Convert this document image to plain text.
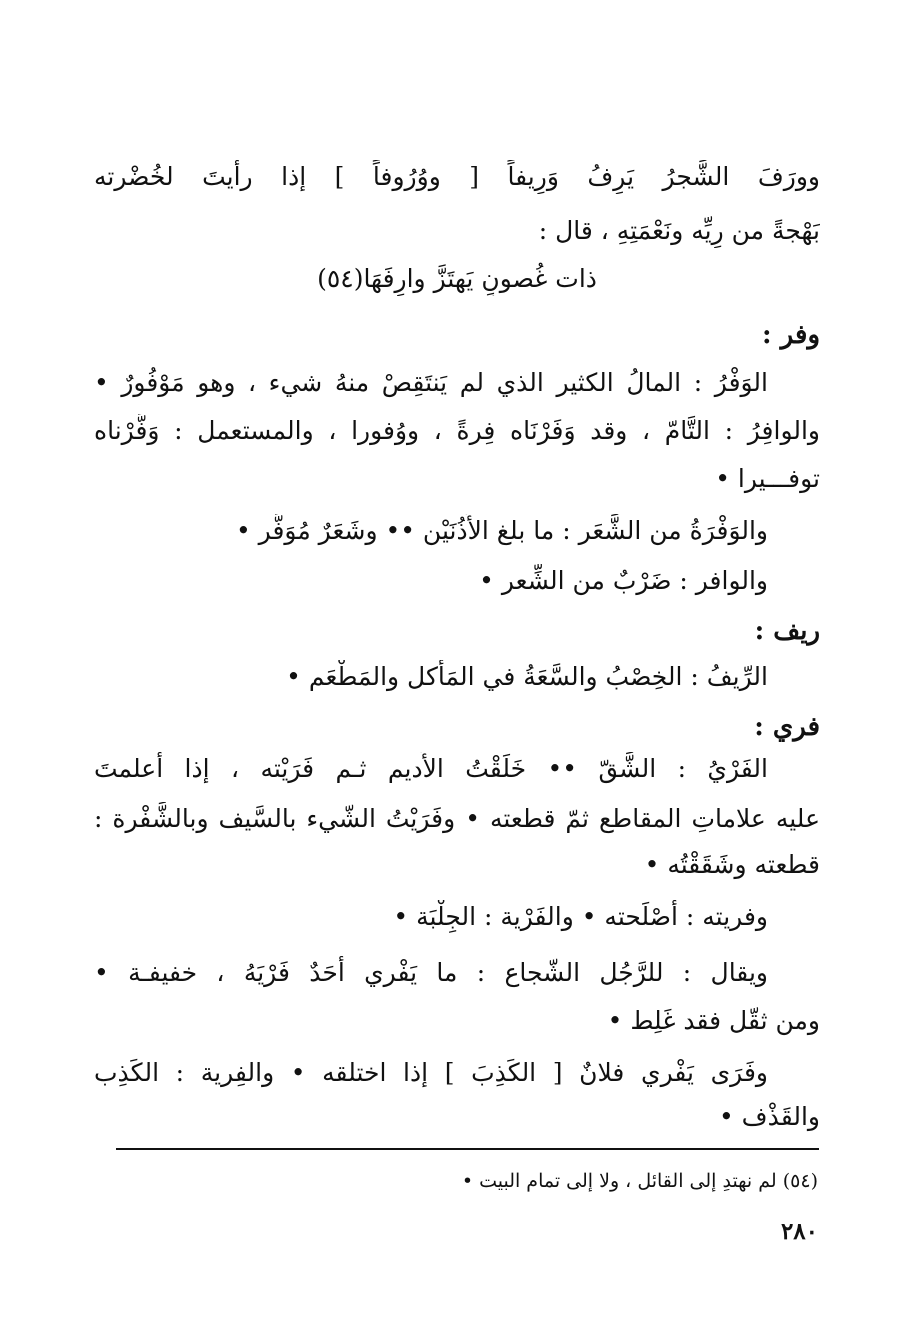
وورَفَ الشَّجرُ يَرِفُ وَرِيفاً [ ووُرُوفاً ] إذا رأيتَ لخُضْرته
بَهْجةً من رِيِّه ونَعْمَتِهِ ، قال :
ذات غُصونٍ يَهتَزَّ وارِفَهَا(٥٤)
وفر :
الوَفْرُ : المالُ الكثير الذي لم يَنتَقِصْ منهُ شيء ، وهو مَوْفُورٌ •
والوافِرُ : التَّامّ ، وقد وَفَرْنَاه فِرةً ، ووُفورا ، والمستعمل : وَفَّرْناه
توفـــيرا •
والوَفْرَةُ من الشَّعَر : ما بلغ الأُذُنَيْن •• وشَعَرٌ مُوَفَّر •
والوافر : ضَرْبٌ من الشِّعر •
ريف :
الرِّيفُ : الخِصْبُ والسَّعَةُ في المَأْكل والمَطْعَم •
فري :
الفَرْيُ : الشَّقّ •• خَلَقْتُ الأَديم ثـم فَرَيْته ، إذا أعلمتَ
عليه علاماتِ المقاطع ثمّ قطعته • وفَرَيْتُ الشّيء بالسَّيف وبالشَّفْرة :
قطعته وشَقَقْتُه •
وفريته : أَصْلَحته • والفَرْية : الجِلْبَة •
ويقال : للرَّجُل الشّجاع : ما يَفْري أَحَدٌ فَرْيَهُ ، خفيفـة •
ومن ثقّل فقد غَلِط •
وفَرَى يَفْري فلانٌ [ الكَذِبَ ] إذا اختلقه • والفِرية : الكَذِب
والقَذْف •
(٥٤) لم نهتدِ إلى القائل ، ولا إلى تمام البيت •
٢٨٠
